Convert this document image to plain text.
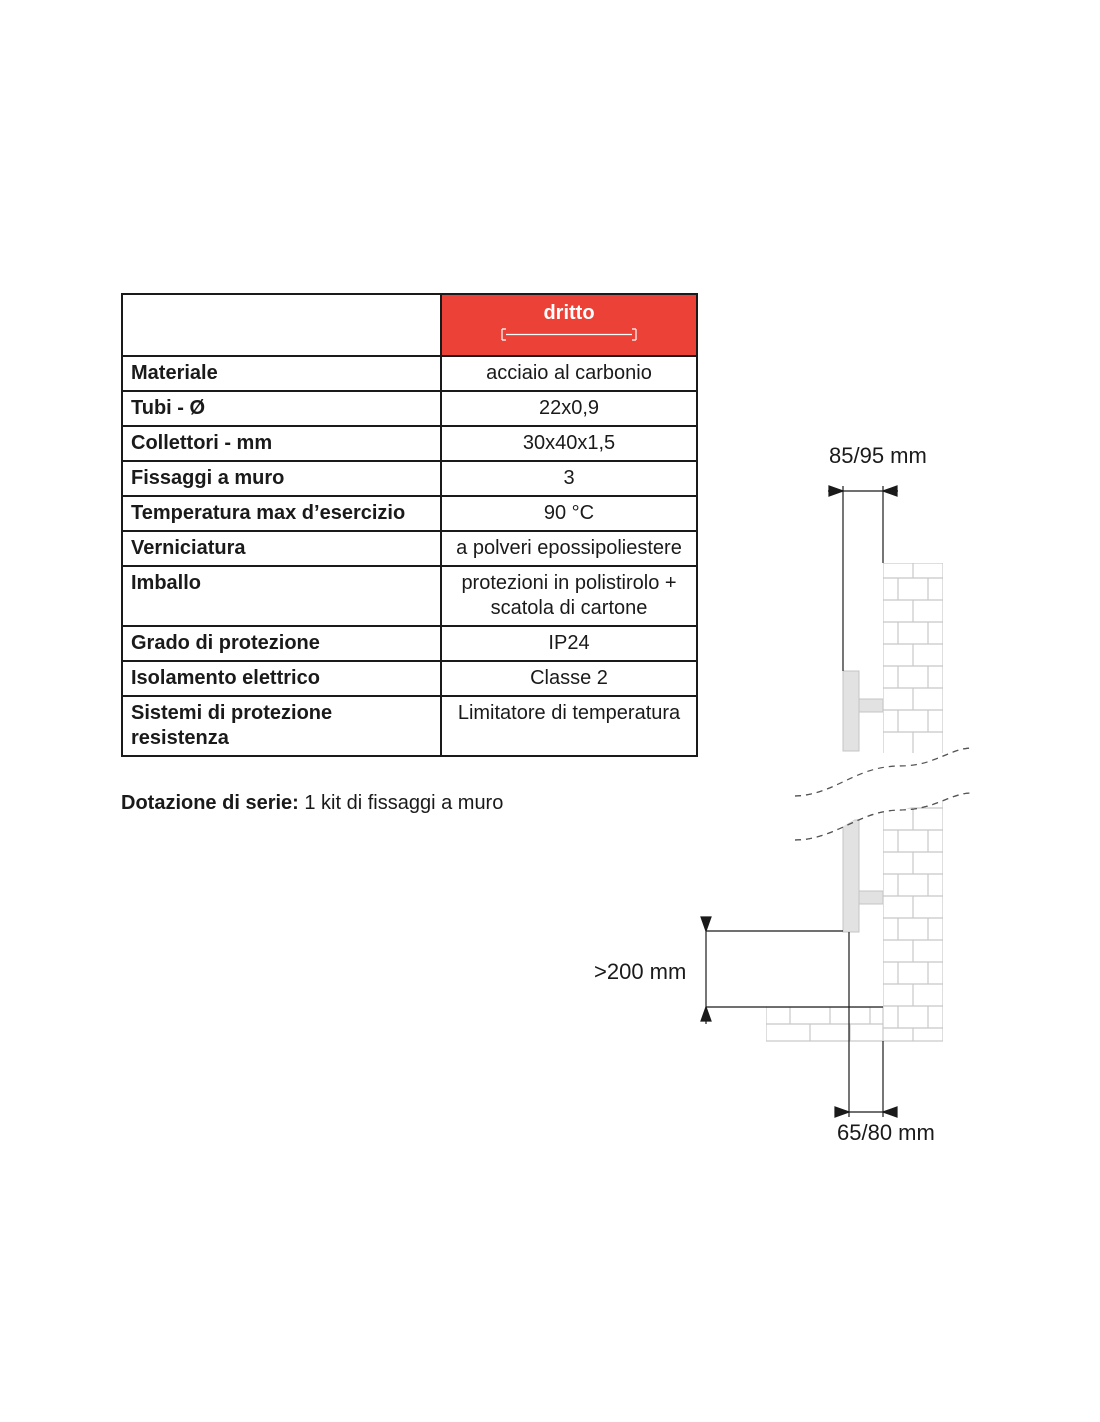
	dritto

Materiale	acciaio al carbonio
Tubi - Ø	22x0,9
Collettori - mm	30x40x1,5
Fissaggi a muro	3
Temperatura max d’esercizio	90 °C
Verniciatura	a polveri epossipoliestere
Imballo	protezioni in polistirolo + scatola di cartone
Grado di protezione	IP24
Isolamento elettrico	Classe 2
Sistemi di protezione resistenza	Limitatore di temperatura
Dotazione di serie: 1 kit di fissaggi a muro
85/95 mm
>200 mm
65/80 mm
